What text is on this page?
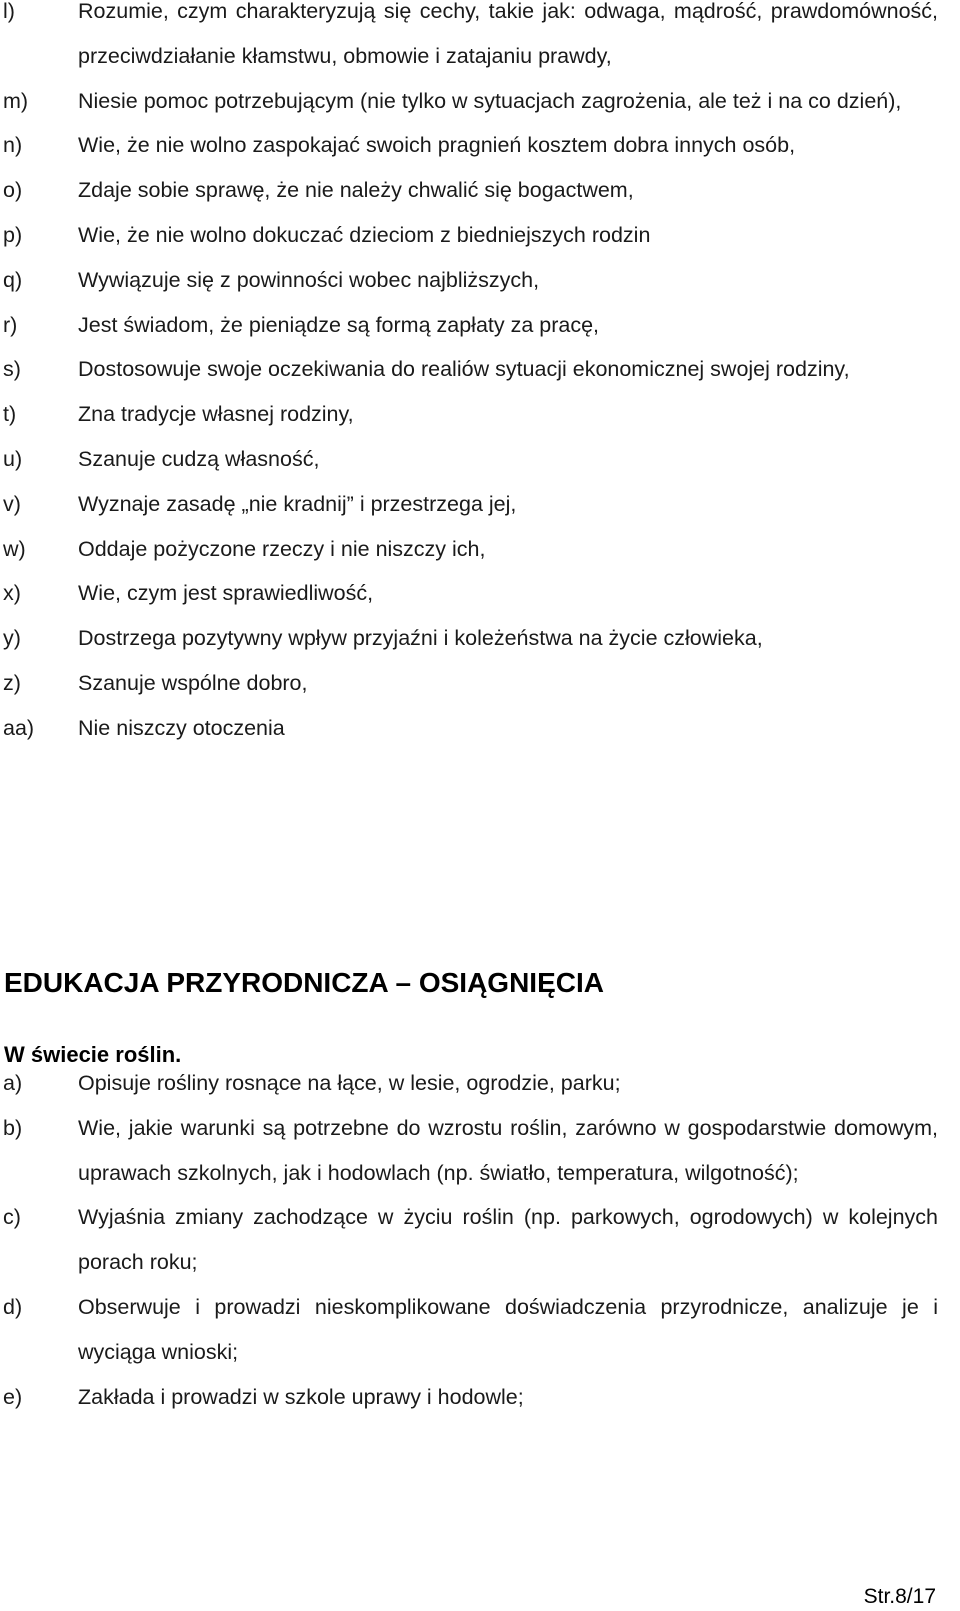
l)	Rozumie, czym charakteryzują się cechy, takie jak: odwaga, mądrość, prawdomówność, przeciwdziałanie kłamstwu, obmowie i zatajaniu prawdy,
m)	Niesie pomoc potrzebującym (nie tylko w sytuacjach zagrożenia, ale też i na co dzień),
n)	Wie, że nie wolno zaspokajać swoich pragnień kosztem dobra innych osób,
o)	Zdaje sobie sprawę, że nie należy chwalić się bogactwem,
p)	Wie, że nie wolno dokuczać dzieciom z biedniejszych rodzin
q)	Wywiązuje się z powinności wobec najbliższych,
r)	Jest świadom, że pieniądze są formą zapłaty za pracę,
s)	Dostosowuje swoje oczekiwania do realiów sytuacji ekonomicznej swojej rodziny,
t)	Zna tradycje własnej rodziny,
u)	Szanuje cudzą własność,
v)	Wyznaje zasadę „nie kradnij” i przestrzega jej,
w)	Oddaje pożyczone rzeczy i nie niszczy ich,
x)	Wie, czym jest sprawiedliwość,
y)	Dostrzega pozytywny wpływ przyjaźni i koleżeństwa na życie człowieka,
z)	Szanuje wspólne dobro,
aa)	Nie niszczy otoczenia
EDUKACJA PRZYRODNICZA – OSIĄGNIĘCIA
W świecie roślin.
a)	Opisuje rośliny rosnące na łące, w lesie, ogrodzie, parku;
b)	Wie, jakie warunki są potrzebne do wzrostu roślin, zarówno w gospodarstwie domowym, uprawach szkolnych, jak i hodowlach (np. światło, temperatura, wilgotność);
c)	Wyjaśnia zmiany zachodzące w życiu roślin (np. parkowych, ogrodowych) w kolejnych porach roku;
d)	Obserwuje i prowadzi nieskomplikowane doświadczenia przyrodnicze, analizuje je i wyciąga wnioski;
e)	Zakłada i prowadzi w szkole uprawy i hodowle;

Str.8/17
